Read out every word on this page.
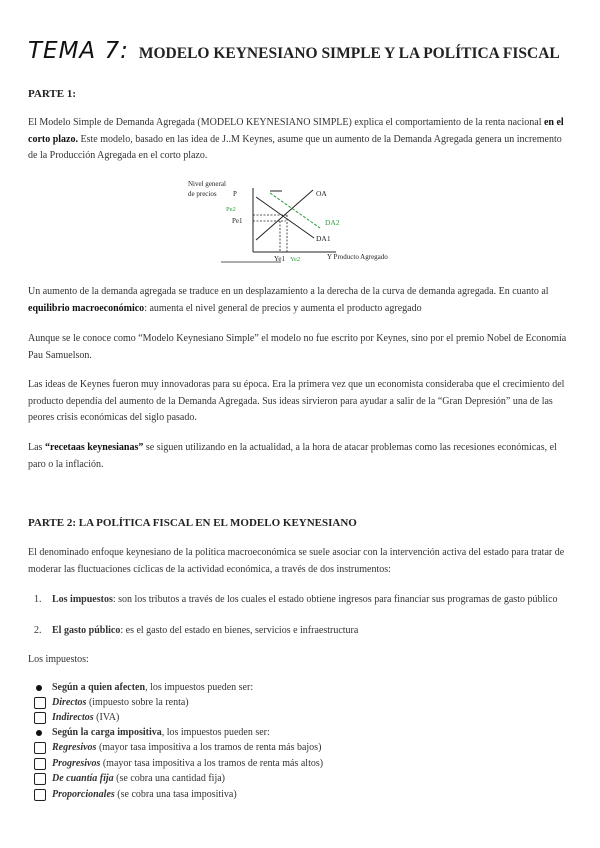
TEMA 7: MODELO KEYNESIANO SIMPLE Y LA POLÍTICA FISCAL
PARTE 1:
El Modelo Simple de Demanda Agregada (MODELO KEYNESIANO SIMPLE) explica el comportamiento de la renta nacional en el corto plazo. Este modelo, basado en las idea de J..M Keynes, asume que un aumento de la Demanda Agregada genera un incremento de la Producción Agregada en el corto plazo.
Nivel general
de precios P	OA
DA1
DA2
Pe2
Pe1
Ye1 Ye2	Y Producto Agregado
Un aumento de la demanda agregada se traduce en un desplazamiento a la derecha de la curva de demanda agregada. En cuanto al equilibrio macroeconómico: aumenta el nivel general de precios y aumenta el producto agregado
Aunque se le conoce como “Modelo Keynesiano Simple” el modelo no fue escrito por Keynes, sino por el premio Nobel de Economía Pau Samuelson.
Las ideas de Keynes fueron muy innovadoras para su época. Era la primera vez que un economista consideraba que el crecimiento del producto dependía del aumento de la Demanda Agregada. Sus ideas sirvieron para ayudar a salir de la “Gran Depresión” una de las peores crisis económicas del siglo pasado.
Las “recetaas keynesianas” se siguen utilizando en la actualidad, a la hora de atacar problemas como las recesiones económicas, el paro o la inflación.
PARTE 2: LA POLÍTICA FISCAL EN EL MODELO KEYNESIANO
El denominado enfoque keynesiano de la política macroeconómica se suele asociar con la intervención activa del estado para tratar de moderar las fluctuaciones cíclicas de la actividad económica, a través de dos instrumentos:
1. Los impuestos: son los tributos a través de los cuales el estado obtiene ingresos para financiar sus programas de gasto público
2. El gasto público: es el gasto del estado en bienes, servicios e infraestructura
Los impuestos:
Según a quien afecten, los impuestos pueden ser:
Directos (impuesto sobre la renta)
Indirectos (IVA)
Según la carga impositiva, los impuestos pueden ser:
Regresivos (mayor tasa impositiva a los tramos de renta más bajos)
Progresivos (mayor tasa impositiva a los tramos de renta más altos)
De cuantía fija (se cobra una cantidad fija)
Proporcionales (se cobra una tasa impositiva)
